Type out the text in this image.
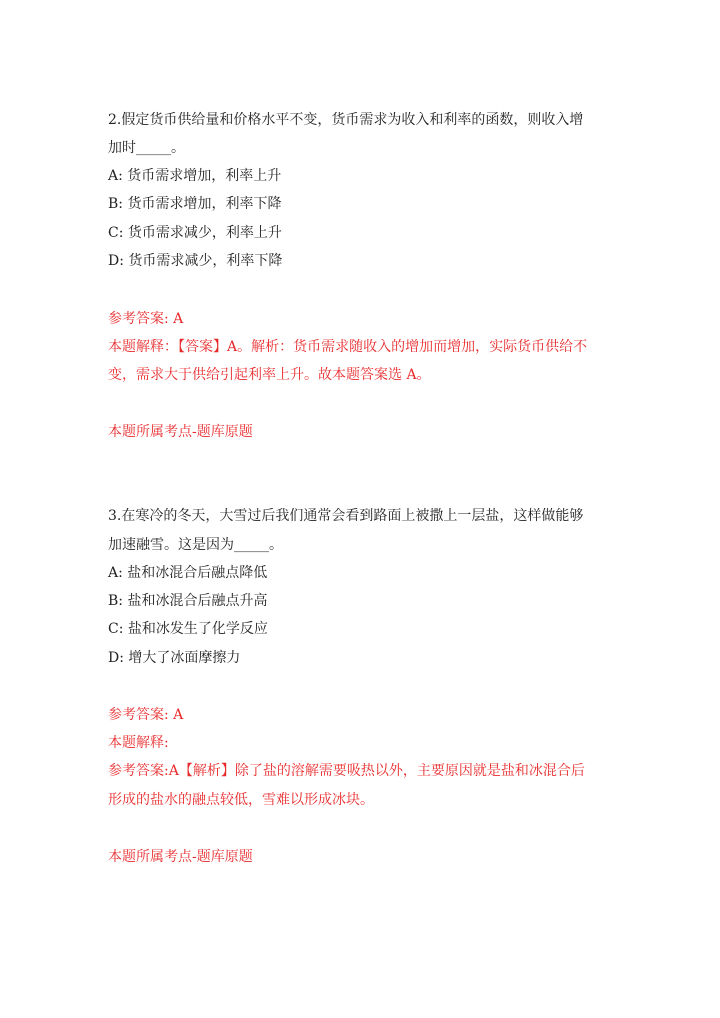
2.假定货币供给量和价格水平不变，货币需求为收入和利率的函数，则收入增
加时_____。
A: 货币需求增加，利率上升
B: 货币需求增加，利率下降
C: 货币需求减少，利率上升
D: 货币需求减少，利率下降
参考答案: A
本题解释：【答案】A。解析：货币需求随收入的增加而增加，实际货币供给不
变，需求大于供给引起利率上升。故本题答案选 A。
本题所属考点-题库原题
3.在寒冷的冬天，大雪过后我们通常会看到路面上被撒上一层盐，这样做能够
加速融雪。这是因为_____。
A: 盐和冰混合后融点降低
B: 盐和冰混合后融点升高
C: 盐和冰发生了化学反应
D: 增大了冰面摩擦力
参考答案: A
本题解释:
参考答案:A【解析】除了盐的溶解需要吸热以外，主要原因就是盐和冰混合后
形成的盐水的融点较低，雪难以形成冰块。
本题所属考点-题库原题
